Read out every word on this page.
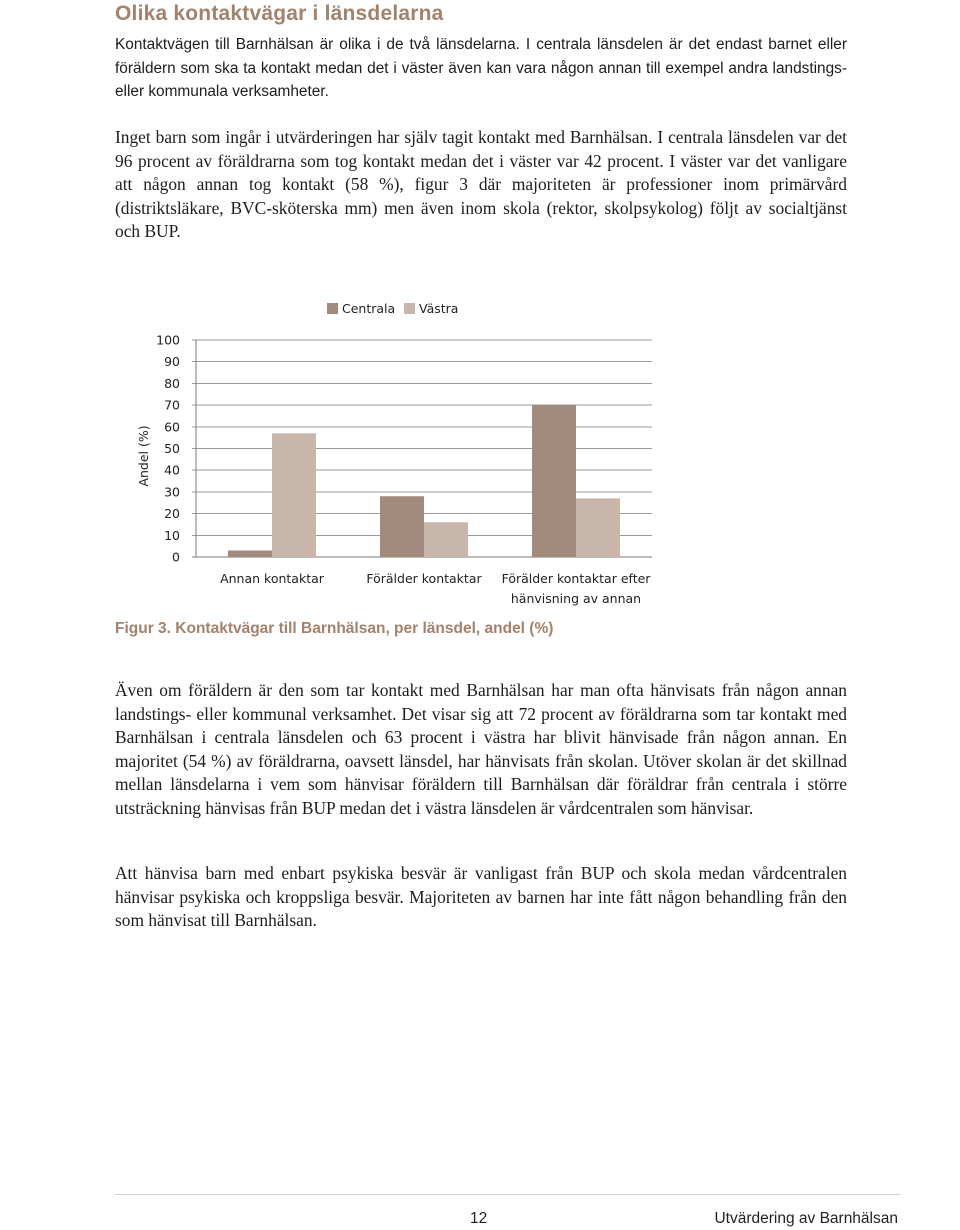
Olika kontaktvägar i länsdelarna

Kontaktvägen till Barnhälsan är olika i de två länsdelarna. I centrala länsdelen är det endast barnet eller föräldern som ska ta kontakt medan det i väster även kan vara någon annan till exempel andra landstings- eller kommunala verksamheter.

Inget barn som ingår i utvärderingen har själv tagit kontakt med Barnhälsan. I centrala länsdelen var det 96 procent av föräldrarna som tog kontakt medan det i väster var 42 procent. I väster var det vanligare att någon annan tog kontakt (58 %), figur 3 där majoriteten är professioner inom primärvård (distriktsläkare, BVC-sköterska mm) men även inom skola (rektor, skolpsykolog) följt av socialtjänst och BUP.

Centrala Västra
0
10
20
30
40
50
60
70
80
90
100
Annan kontaktar	Förälder kontaktar Förälder kontaktar efter
hänvisning av annan
Andel (%)

Figur 3. Kontaktvägar till Barnhälsan, per länsdel, andel (%)

Även om föräldern är den som tar kontakt med Barnhälsan har man ofta hänvisats från någon annan landstings- eller kommunal verksamhet. Det visar sig att 72 procent av föräldrarna som tar kontakt med Barnhälsan i centrala länsdelen och 63 procent i västra har blivit hänvisade från någon annan. En majoritet (54 %) av föräldrarna, oavsett länsdel, har hänvisats från skolan. Utöver skolan är det skillnad mellan länsdelarna i vem som hänvisar föräldern till Barnhälsan där föräldrar från centrala i större utsträckning hänvisas från BUP medan det i västra länsdelen är vårdcentralen som hänvisar.

Att hänvisa barn med enbart psykiska besvär är vanligast från BUP och skola medan vårdcentralen hänvisar psykiska och kroppsliga besvär. Majoriteten av barnen har inte fått någon behandling från den som hänvisat till Barnhälsan.

12	Utvärdering av Barnhälsan
